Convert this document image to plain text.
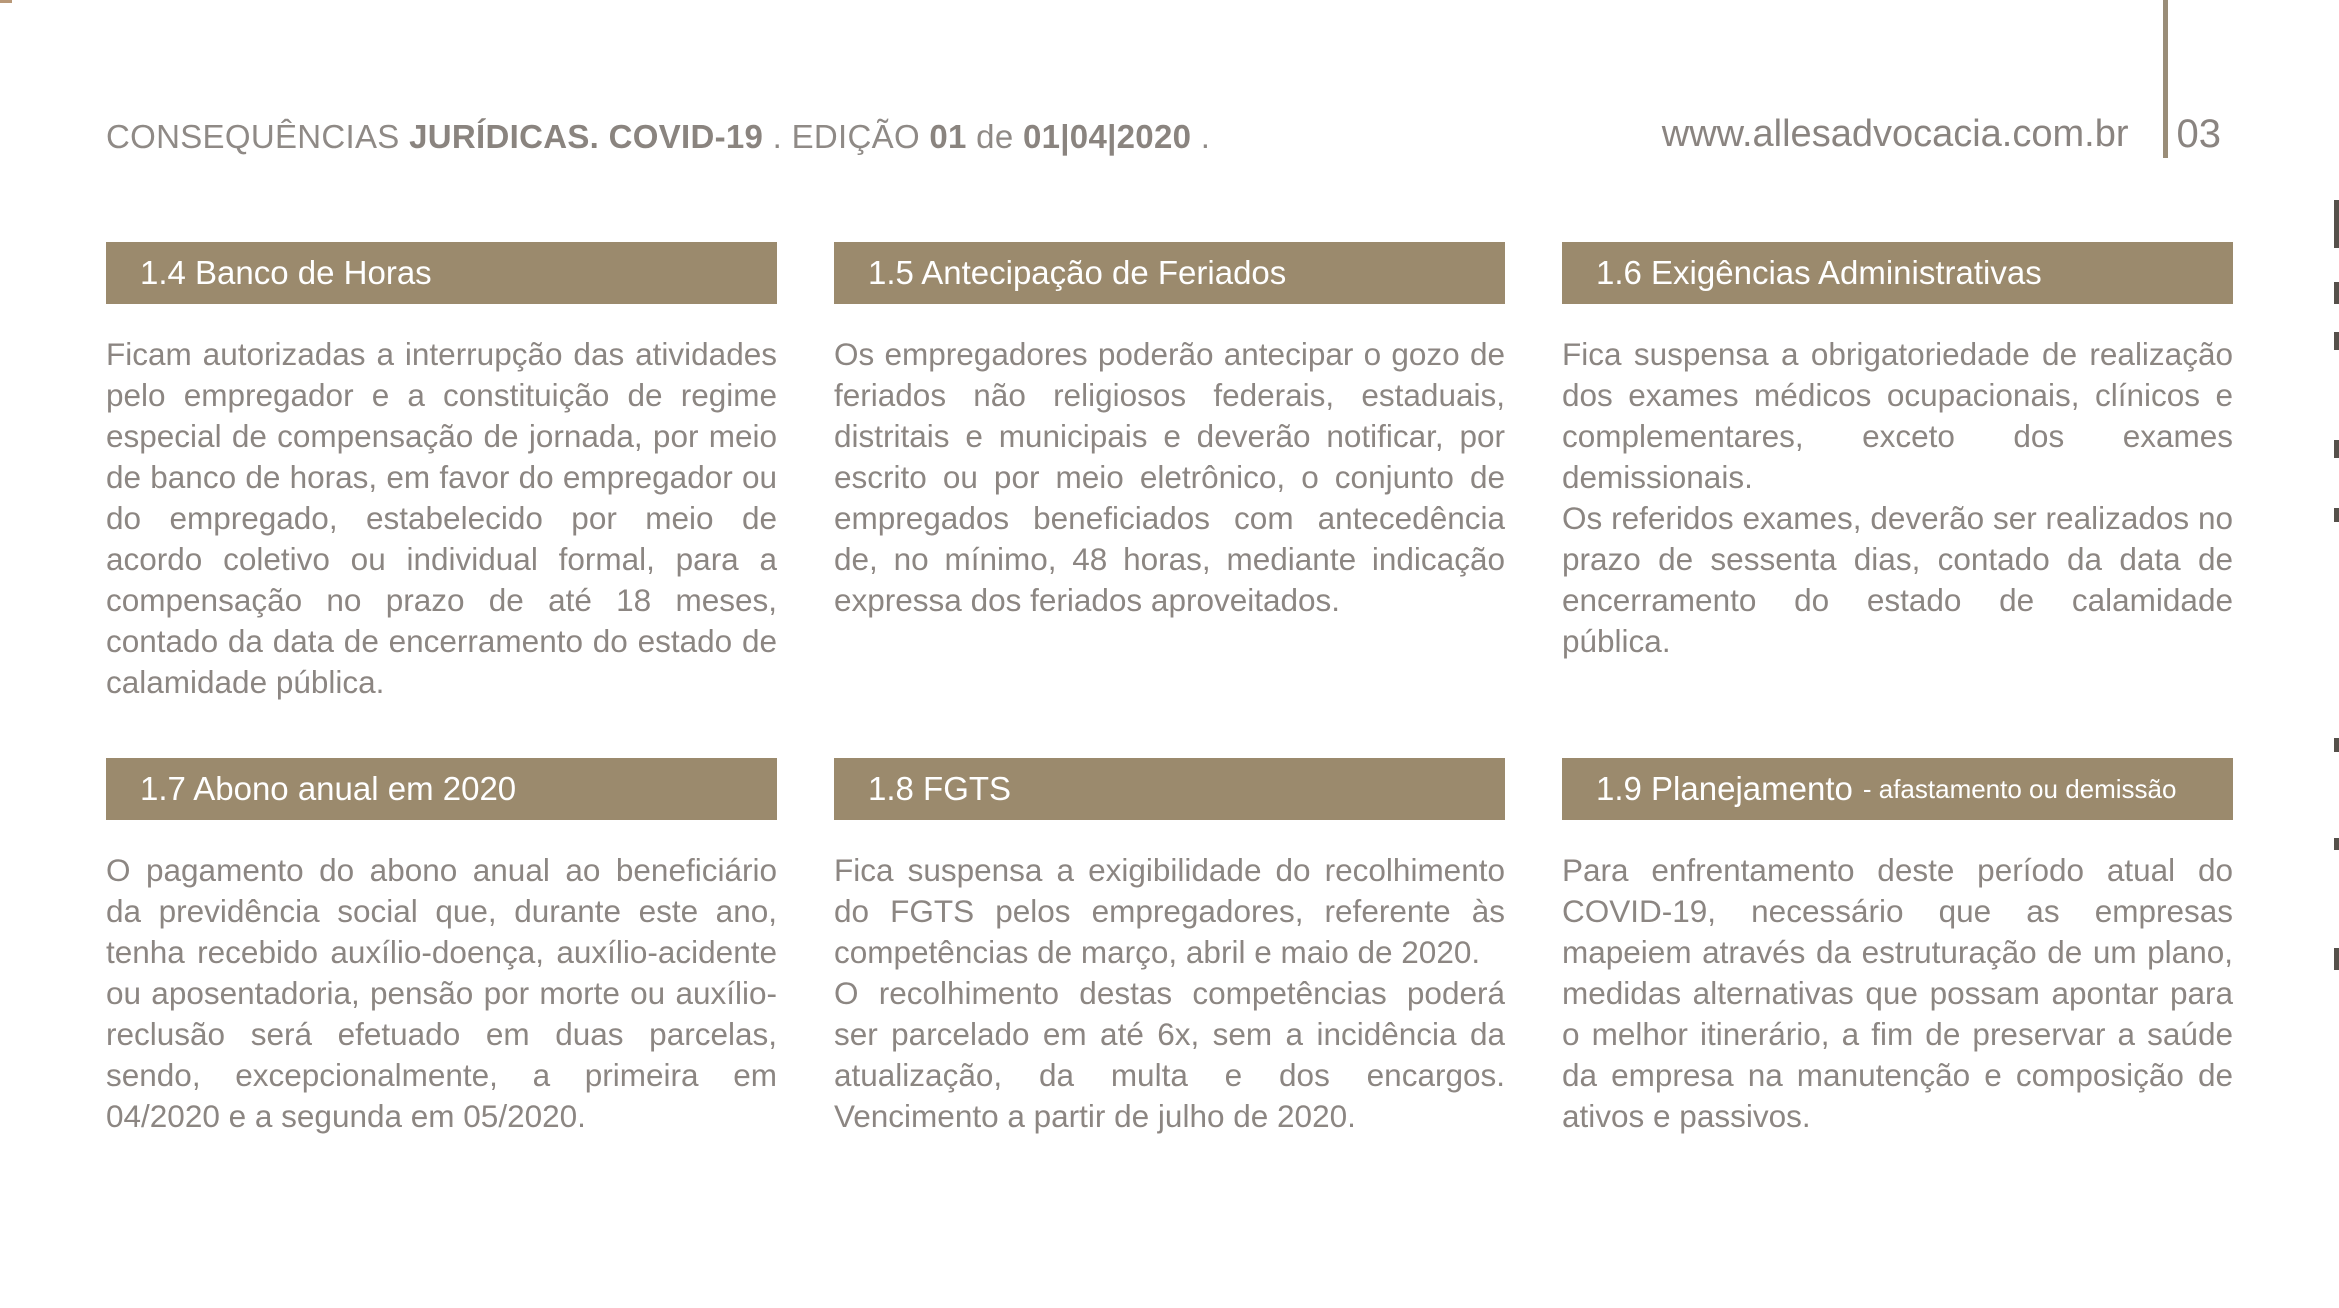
CONSEQUÊNCIAS JURÍDICAS. COVID-19 . EDIÇÃO 01 de 01|04|2020 .	www.allesadvocacia.com.br	03
1.4 Banco de Horas
Ficam autorizadas a interrupção das atividades pelo empregador e a constituição de regime especial de compensação de jornada, por meio de banco de horas, em favor do empregador ou do empregado, estabelecido por meio de acordo coletivo ou individual formal, para a compensação no prazo de até 18 meses, contado da data de encerramento do estado de calamidade pública.
1.5 Antecipação de Feriados
Os empregadores poderão antecipar o gozo de feriados não religiosos federais, estaduais, distritais e municipais e deverão notificar, por escrito ou por meio eletrônico, o conjunto de empregados beneficiados com antecedência de, no mínimo, 48 horas, mediante indicação expressa dos feriados aproveitados.
1.6 Exigências Administrativas
Fica suspensa a obrigatoriedade de realização dos exames médicos ocupacionais, clínicos e complementares, exceto dos exames demissionais.
Os referidos exames, deverão ser realizados no prazo de sessenta dias, contado da data de encerramento do estado de calamidade pública.
1.7 Abono anual em 2020
O pagamento do abono anual ao beneficiário da previdência social que, durante este ano, tenha recebido auxílio-doença, auxílio-acidente ou aposentadoria, pensão por morte ou auxílio-reclusão será efetuado em duas parcelas, sendo, excepcionalmente, a primeira em 04/2020 e a segunda em 05/2020.
1.8 FGTS
Fica suspensa a exigibilidade do recolhimento do FGTS pelos empregadores, referente às competências de março, abril e maio de 2020.
O recolhimento destas competências poderá ser parcelado em até 6x, sem a incidência da atualização, da multa e dos encargos. Vencimento a partir de julho de 2020.
1.9 Planejamento - afastamento ou demissão
Para enfrentamento deste período atual do COVID-19, necessário que as empresas mapeiem através da estruturação de um plano, medidas alternativas que possam apontar para o melhor itinerário, a fim de preservar a saúde da empresa na manutenção e composição de ativos e passivos.
